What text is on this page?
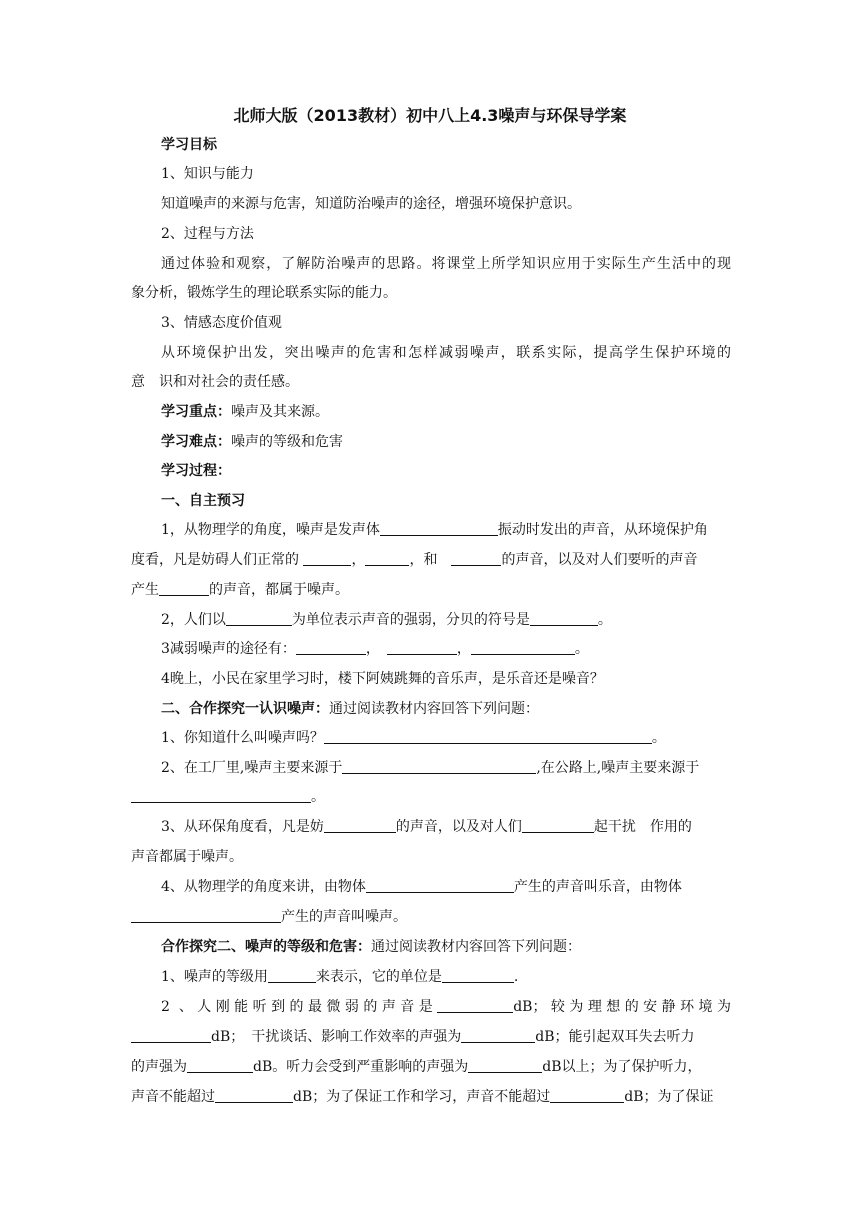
北师大版（2013教材）初中八上4.3噪声与环保导学案
学习目标
1、知识与能力
知道噪声的来源与危害，知道防治噪声的途径，增强环境保护意识。
2、过程与方法
通过体验和观察，了解防治噪声的思路。将课堂上所学知识应用于实际生产生活中的现
象分析，锻炼学生的理论联系实际的能力。
3、情感态度价值观
从环境保护出发，突出噪声的危害和怎样减弱噪声，联系实际，提高学生保护环境的
意　识和对社会的责任感。
学习重点：噪声及其来源。
学习难点：噪声的等级和危害
学习过程：
一、自主预习
1，从物理学的角度，噪声是发声体	振动时发出的声音，从环境保护角
度看，凡是妨碍人们正常的	，	，和　	的声音，以及对人们要听的声音
产生	的声音，都属于噪声。
2，人们以	为单位表示声音的强弱，分贝的符号是	。
3减弱噪声的途径有：	，　	，	。
4晚上，小民在家里学习时，楼下阿姨跳舞的音乐声，是乐音还是噪音？
二、合作探究一认识噪声：通过阅读教材内容回答下列问题：
1、你知道什么叫噪声吗？	。
2、在工厂里,噪声主要来源于	,在公路上,噪声主要来源于
。
3、从环保角度看，凡是妨	的声音，以及对人们	起干扰　作用的
声音都属于噪声。
4、从物理学的角度来讲，由物体	产生的声音叫乐音，由物体
产生的声音叫噪声。
合作探究二、噪声的等级和危害：通过阅读教材内容回答下列问题：
1、噪声的等级用	来表示，它的单位是	.
2 、人刚能听到的最微弱的声音是	dB；较为理想的安静环境为
dB；　干扰谈话、影响工作效率的声强为	dB；能引起双耳失去听力
的声强为	dB。听力会受到严重影响的声强为	dB以上；为了保护听力，
声音不能超过	dB；为了保证工作和学习，声音不能超过	dB；为了保证
